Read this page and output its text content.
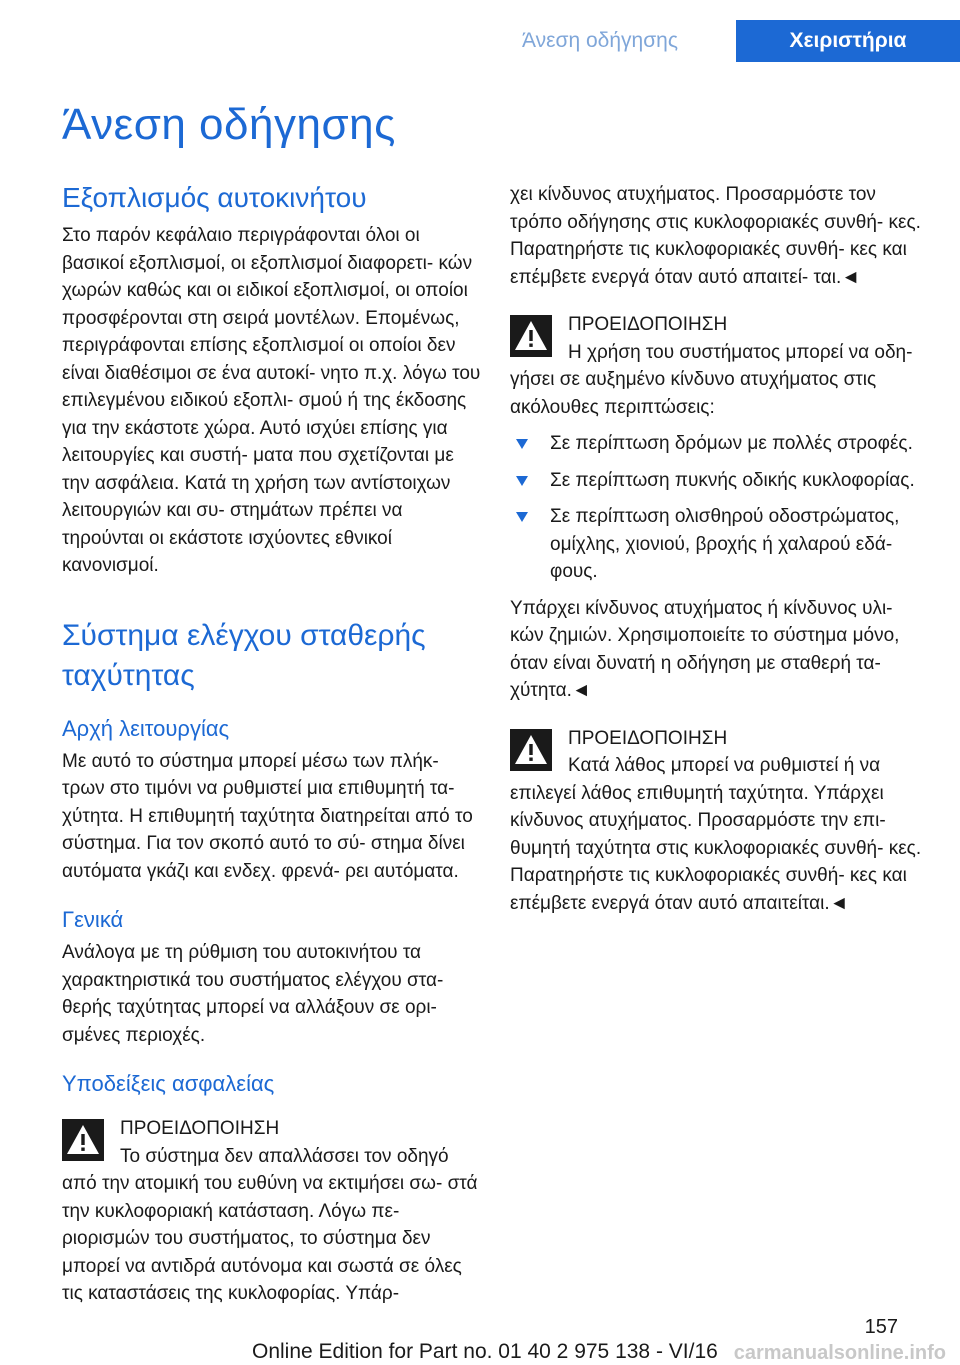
Άνεση οδήγησης	Χειριστήρια
Άνεση οδήγησης
Εξοπλισμός αυτοκινήτου

Στο παρόν κεφάλαιο περιγράφονται όλοι οι βασικοί εξοπλισμοί, οι εξοπλισμοί διαφορετι- κών χωρών καθώς και οι ειδικοί εξοπλισμοί, οι οποίοι προσφέρονται στη σειρά μοντέλων. Επομένως, περιγράφονται επίσης εξοπλισμοί οι οποίοι δεν είναι διαθέσιμοι σε ένα αυτοκί- νητο π.χ. λόγω του επιλεγμένου ειδικού εξοπλι- σμού ή της έκδοσης για την εκάστοτε χώρα. Αυτό ισχύει επίσης για λειτουργίες και συστή- ματα που σχετίζονται με την ασφάλεια. Κατά τη χρήση των αντίστοιχων λειτουργιών και συ- στημάτων πρέπει να τηρούνται οι εκάστοτε ισχύοντες εθνικοί κανονισμοί.

Σύστημα ελέγχου σταθερής ταχύτητας
Αρχή λειτουργίας

Με αυτό το σύστημα μπορεί μέσω των πλήκ- τρων στο τιμόνι να ρυθμιστεί μια επιθυμητή τα- χύτητα. Η επιθυμητή ταχύτητα διατηρείται από το σύστημα. Για τον σκοπό αυτό το σύ- στημα δίνει αυτόματα γκάζι και ενδεχ. φρενά- ρει αυτόματα.

Γενικά

Ανάλογα με τη ρύθμιση του αυτοκινήτου τα χαρακτηριστικά του συστήματος ελέγχου στα- θερής ταχύτητας μπορεί να αλλάξουν σε ορι- σμένες περιοχές.

Υποδείξεις ασφαλείας
ΠΡΟΕΙΔΟΠΟΙΗΣΗ

Το σύστημα δεν απαλλάσσει τον οδηγό από την ατομική του ευθύνη να εκτιμήσει σω- στά την κυκλοφοριακή κατάσταση. Λόγω πε- ριορισμών του συστήματος, το σύστημα δεν μπορεί να αντιδρά αυτόνομα και σωστά σε όλες τις καταστάσεις της κυκλοφορίας. Υπάρ-

χει κίνδυνος ατυχήματος. Προσαρμόστε τον τρόπο οδήγησης στις κυκλοφοριακές συνθή- κες. Παρατηρήστε τις κυκλοφοριακές συνθή- κες και επέμβετε ενεργά όταν αυτό απαιτεί- ται.◄

ΠΡΟΕΙΔΟΠΟΙΗΣΗ

Η χρήση του συστήματος μπορεί να οδη- γήσει σε αυξημένο κίνδυνο ατυχήματος στις ακόλουθες περιπτώσεις:

Σε περίπτωση δρόμων με πολλές στροφές.
Σε περίπτωση πυκνής οδικής κυκλοφορίας.
Σε περίπτωση ολισθηρού οδοστρώματος, ομίχλης, χιονιού, βροχής ή χαλαρού εδά- φους.

Υπάρχει κίνδυνος ατυχήματος ή κίνδυνος υλι- κών ζημιών. Χρησιμοποιείτε το σύστημα μόνο, όταν είναι δυνατή η οδήγηση με σταθερή τα- χύτητα.◄

ΠΡΟΕΙΔΟΠΟΙΗΣΗ

Κατά λάθος μπορεί να ρυθμιστεί ή να επιλεγεί λάθος επιθυμητή ταχύτητα. Υπάρχει κίνδυνος ατυχήματος. Προσαρμόστε την επι- θυμητή ταχύτητα στις κυκλοφοριακές συνθή- κες. Παρατηρήστε τις κυκλοφοριακές συνθή- κες και επέμβετε ενεργά όταν αυτό απαιτείται.◄

157
Online Edition for Part no. 01 40 2 975 138 - VI/16 carmanualsonline.info
